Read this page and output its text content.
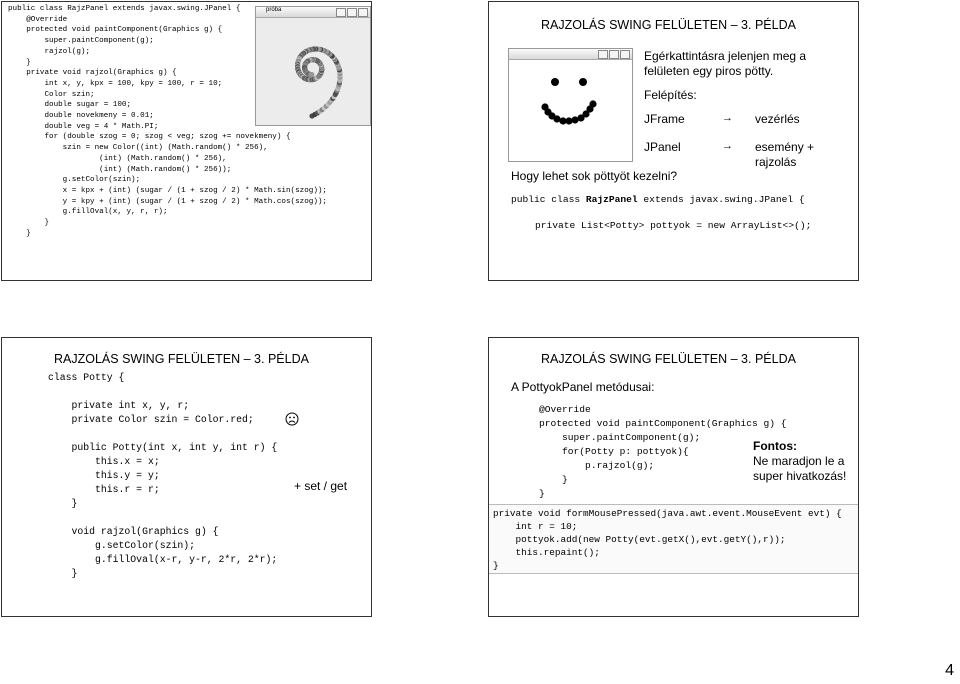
public class RajzPanel extends javax.swing.JPanel {
@Override
protected void paintComponent(Graphics g) {
super.paintComponent(g);
rajzol(g);
}
private void rajzol(Graphics g) {
int x, y, kpx = 100, kpy = 100, r = 10;
Color szin;
double sugar = 100;
double novekmeny = 0.01;
double veg = 4 * Math.PI;
for (double szog = 0; szog < veg; szog += novekmeny) {
szin = new Color((int) (Math.random() * 256),
(int) (Math.random() * 256),
(int) (Math.random() * 256));
g.setColor(szin);
x = kpx + (int) (sugar / (1 + szog / 2) * Math.sin(szog));
y = kpy + (int) (sugar / (1 + szog / 2) * Math.cos(szog));
g.fillOval(x, y, r, r);
}
}
próba
RAJZOLÁS SWING FELÜLETEN – 3. PÉLDA
Egérkattintásra jelenjen meg a
felületen egy piros pötty.
Felépítés:
JFrame	→ vezérlés
JPanel	→ esemény +
rajzolás
Hogy lehet sok pöttyöt kezelni?
public class RajzPanel extends javax.swing.JPanel {
private List<Potty> pottyok = new ArrayList<>();
RAJZOLÁS SWING FELÜLETEN – 3. PÉLDA
class Potty {

private int x, y, r;
private Color szin = Color.red;

public Potty(int x, int y, int r) {
this.x = x;
this.y = y;
this.r = r;
}

void rajzol(Graphics g) {
g.setColor(szin);
g.fillOval(x-r, y-r, 2*r, 2*r);
}
+ set / get
RAJZOLÁS SWING FELÜLETEN – 3. PÉLDA
A PottyokPanel metódusai:
@Override
protected void paintComponent(Graphics g) {
super.paintComponent(g);
for(Potty p: pottyok){
p.rajzol(g);
}
}
Fontos:
Ne maradjon le a
super hivatkozás!
private void formMousePressed(java.awt.event.MouseEvent evt) {
int r = 10;
pottyok.add(new Potty(evt.getX(),evt.getY(),r));
this.repaint();
}
4
